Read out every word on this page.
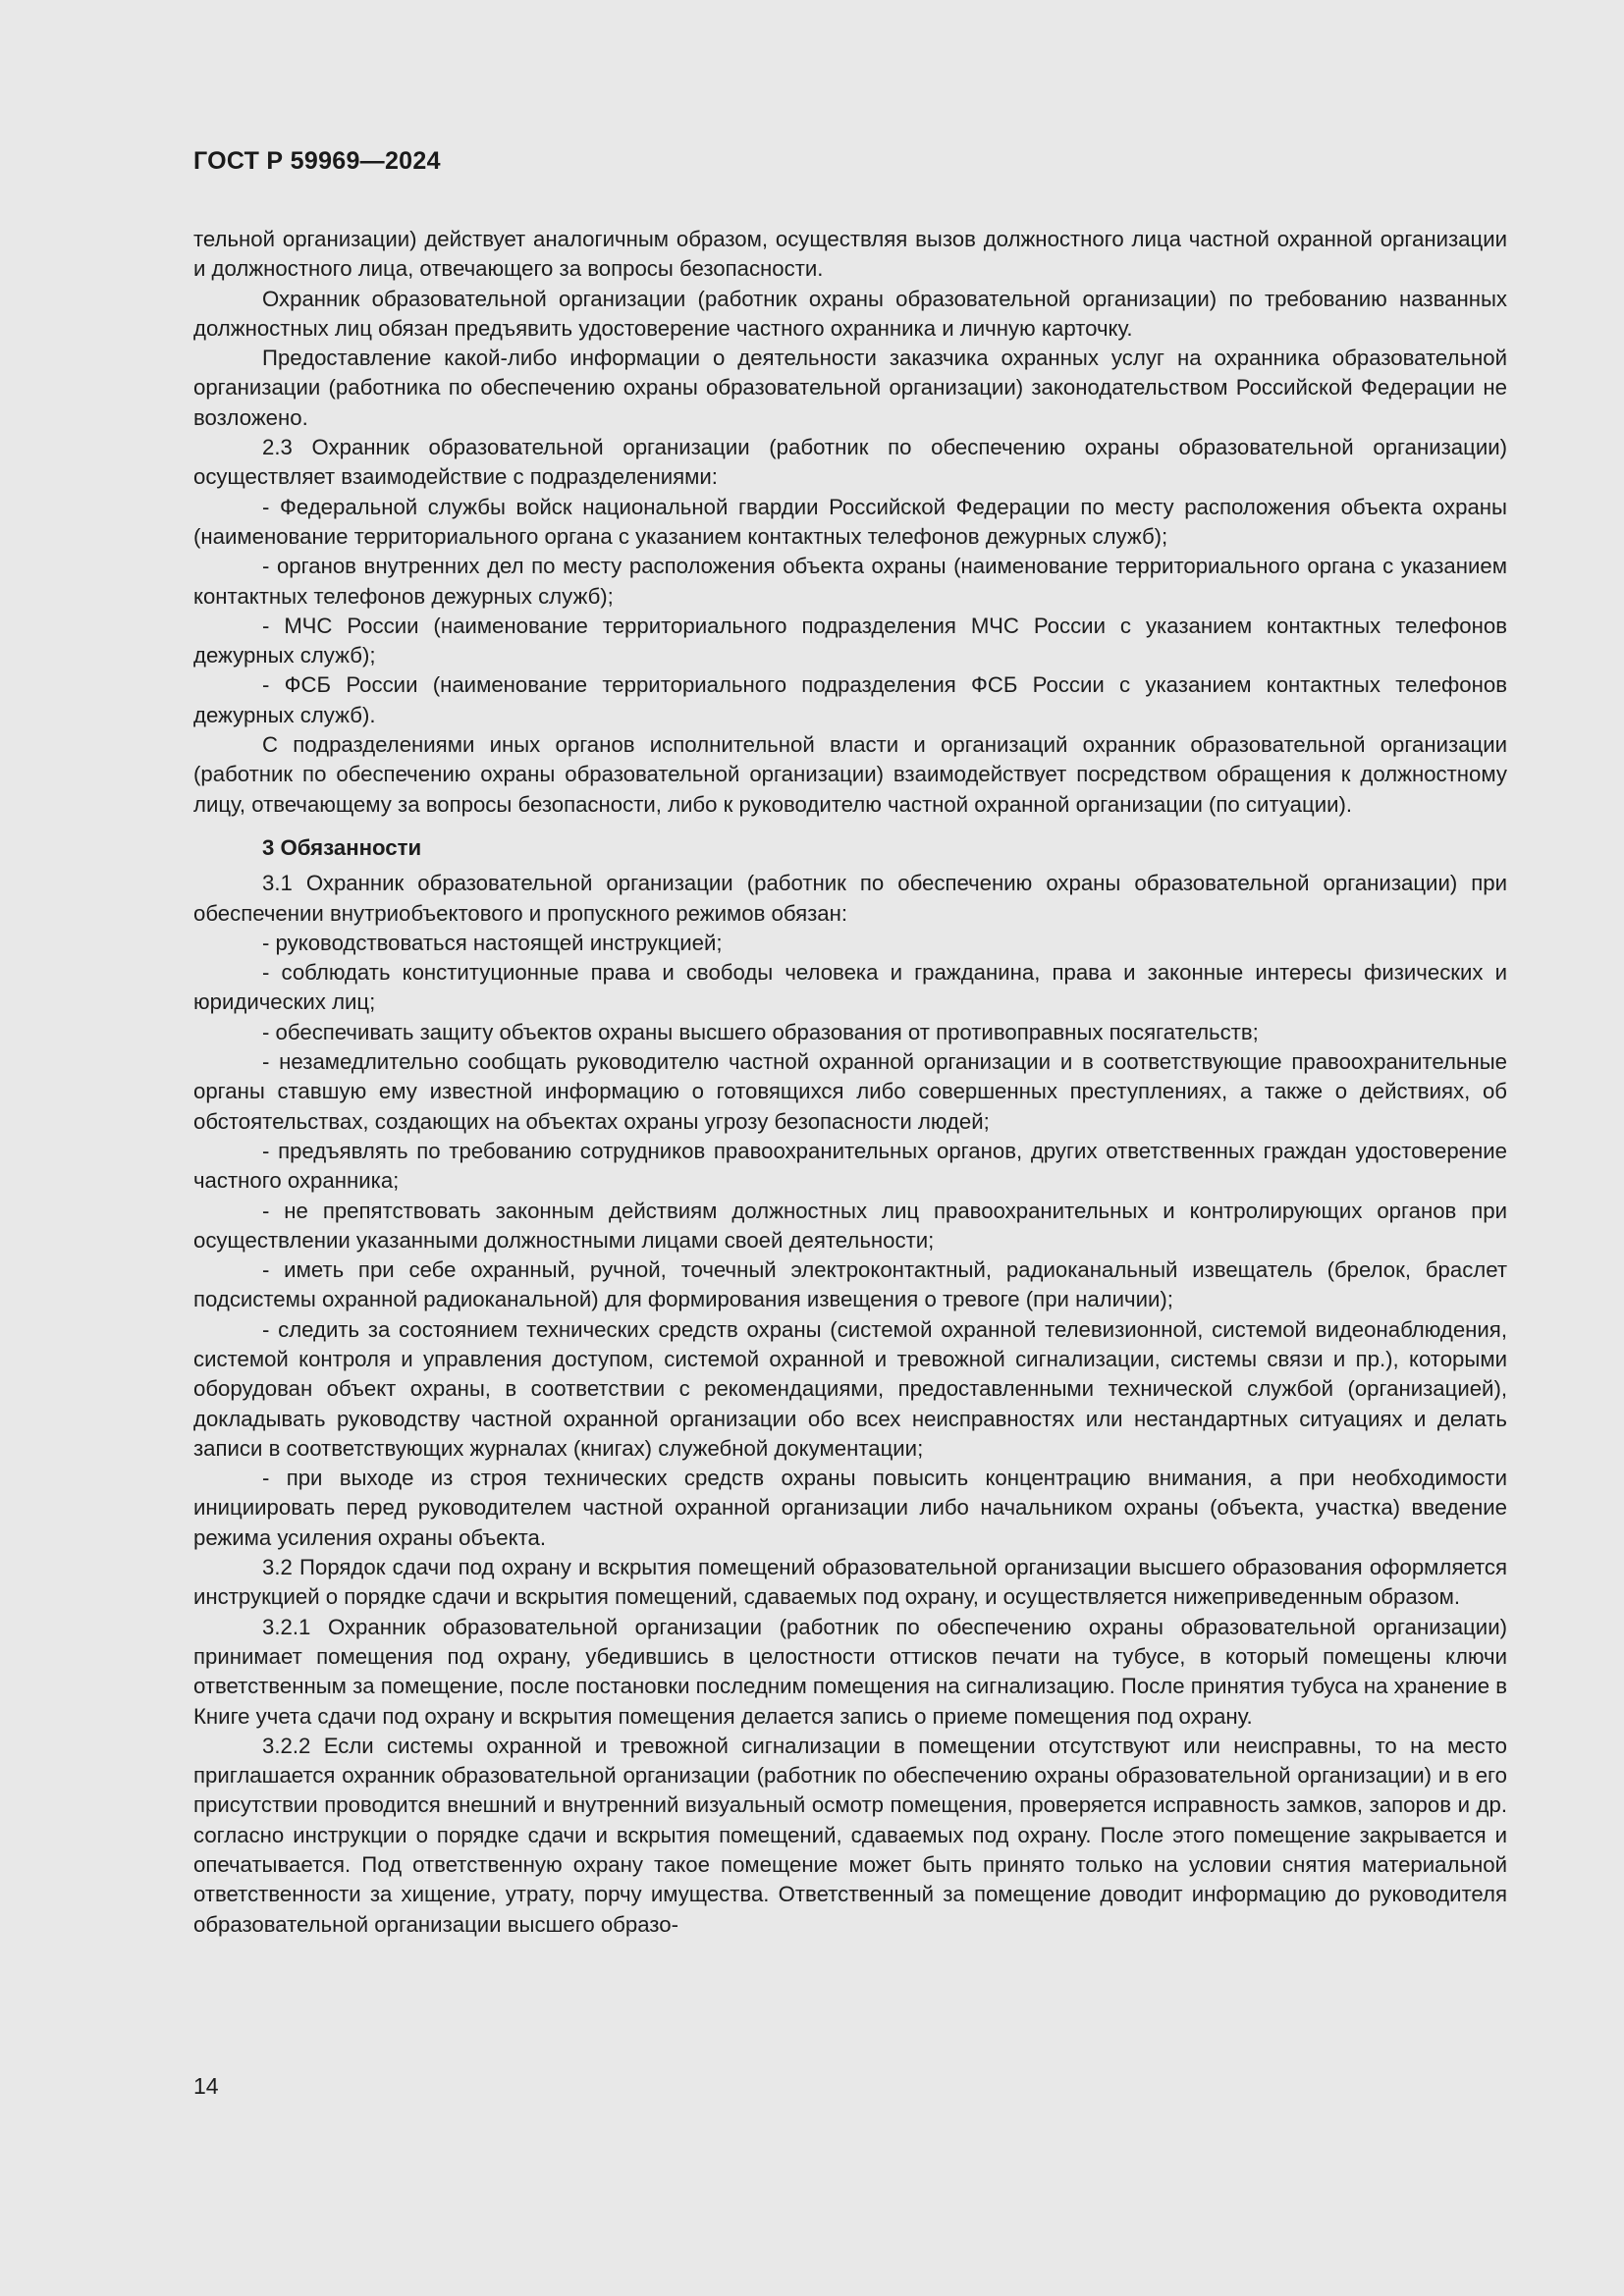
ГОСТ Р 59969—2024

тельной организации) действует аналогичным образом, осуществляя вызов должностного лица частной охранной организации и должностного лица, отвечающего за вопросы безопасности.

Охранник образовательной организации (работник охраны образовательной организации) по требованию названных должностных лиц обязан предъявить удостоверение частного охранника и личную карточку.

Предоставление какой-либо информации о деятельности заказчика охранных услуг на охранника образовательной организации (работника по обеспечению охраны образовательной организации) законодательством Российской Федерации не возложено.

2.3 Охранник образовательной организации (работник по обеспечению охраны образовательной организации) осуществляет взаимодействие с подразделениями:

- Федеральной службы войск национальной гвардии Российской Федерации по месту расположения объекта охраны (наименование территориального органа с указанием контактных телефонов дежурных служб);

- органов внутренних дел по месту расположения объекта охраны (наименование территориального органа с указанием контактных телефонов дежурных служб);

- МЧС России (наименование территориального подразделения МЧС России с указанием контактных телефонов дежурных служб);

- ФСБ России (наименование территориального подразделения ФСБ России с указанием контактных телефонов дежурных служб).

С подразделениями иных органов исполнительной власти и организаций охранник образовательной организации (работник по обеспечению охраны образовательной организации) взаимодействует посредством обращения к должностному лицу, отвечающему за вопросы безопасности, либо к руководителю частной охранной организации (по ситуации).

3 Обязанности

3.1 Охранник образовательной организации (работник по обеспечению охраны образовательной организации) при обеспечении внутриобъектового и пропускного режимов обязан:

- руководствоваться настоящей инструкцией;

- соблюдать конституционные права и свободы человека и гражданина, права и законные интересы физических и юридических лиц;

- обеспечивать защиту объектов охраны высшего образования от противоправных посягательств;

- незамедлительно сообщать руководителю частной охранной организации и в соответствующие правоохранительные органы ставшую ему известной информацию о готовящихся либо совершенных преступлениях, а также о действиях, об обстоятельствах, создающих на объектах охраны угрозу безопасности людей;

- предъявлять по требованию сотрудников правоохранительных органов, других ответственных граждан удостоверение частного охранника;

- не препятствовать законным действиям должностных лиц правоохранительных и контролирующих органов при осуществлении указанными должностными лицами своей деятельности;

- иметь при себе охранный, ручной, точечный электроконтактный, радиоканальный извещатель (брелок, браслет подсистемы охранной радиоканальной) для формирования извещения о тревоге (при наличии);

- следить за состоянием технических средств охраны (системой охранной телевизионной, системой видеонаблюдения, системой контроля и управления доступом, системой охранной и тревожной сигнализации, системы связи и пр.), которыми оборудован объект охраны, в соответствии с рекомендациями, предоставленными технической службой (организацией), докладывать руководству частной охранной организации обо всех неисправностях или нестандартных ситуациях и делать записи в соответствующих журналах (книгах) служебной документации;

- при выходе из строя технических средств охраны повысить концентрацию внимания, а при необходимости инициировать перед руководителем частной охранной организации либо начальником охраны (объекта, участка) введение режима усиления охраны объекта.

3.2 Порядок сдачи под охрану и вскрытия помещений образовательной организации высшего образования оформляется инструкцией о порядке сдачи и вскрытия помещений, сдаваемых под охрану, и осуществляется нижеприведенным образом.

3.2.1 Охранник образовательной организации (работник по обеспечению охраны образовательной организации) принимает помещения под охрану, убедившись в целостности оттисков печати на тубусе, в который помещены ключи ответственным за помещение, после постановки последним помещения на сигнализацию. После принятия тубуса на хранение в Книге учета сдачи под охрану и вскрытия помещения делается запись о приеме помещения под охрану.

3.2.2 Если системы охранной и тревожной сигнализации в помещении отсутствуют или неисправны, то на место приглашается охранник образовательной организации (работник по обеспечению охраны образовательной организации) и в его присутствии проводится внешний и внутренний визуальный осмотр помещения, проверяется исправность замков, запоров и др. согласно инструкции о порядке сдачи и вскрытия помещений, сдаваемых под охрану. После этого помещение закрывается и опечатывается. Под ответственную охрану такое помещение может быть принято только на условии снятия материальной ответственности за хищение, утрату, порчу имущества. Ответственный за помещение доводит информацию до руководителя образовательной организации высшего образо-

14
